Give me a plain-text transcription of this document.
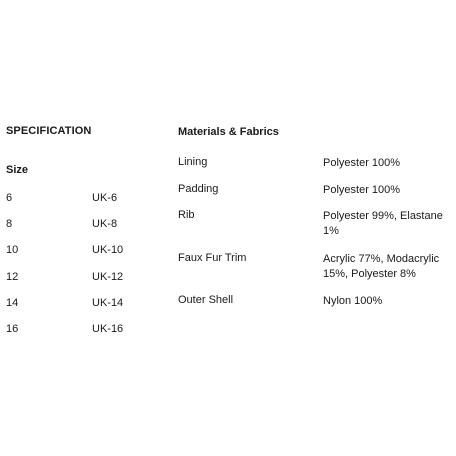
SPECIFICATION
Size
6	UK-6
8	UK-8
10	UK-10
12	UK-12
14	UK-14
16	UK-16
Materials & Fabrics
Lining	Polyester 100%
Padding	Polyester 100%
Rib	Polyester 99%, Elastane 1%
Faux Fur Trim	Acrylic 77%, Modacrylic 15%, Polyester 8%
Outer Shell	Nylon 100%
